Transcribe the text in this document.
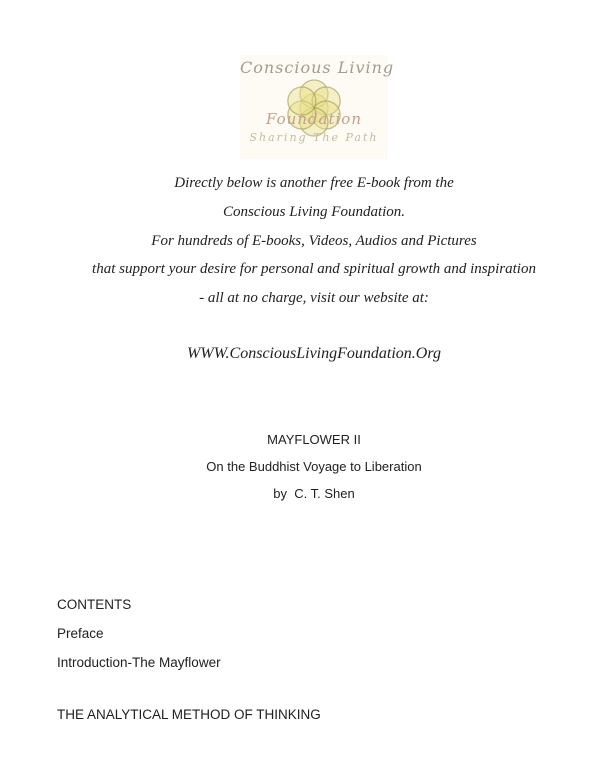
Conscious Living
Foundation
Sharing The Path

Directly below is another free E-book from the

Conscious Living Foundation.

For hundreds of E-books, Videos, Audios and Pictures

that support your desire for personal and spiritual growth and inspiration

- all at no charge, visit our website at:

WWW.ConsciousLivingFoundation.Org

MAYFLOWER II

On the Buddhist Voyage to Liberation

by  C. T. Shen

CONTENTS

Preface

Introduction-The Mayflower

THE ANALYTICAL METHOD OF THINKING
